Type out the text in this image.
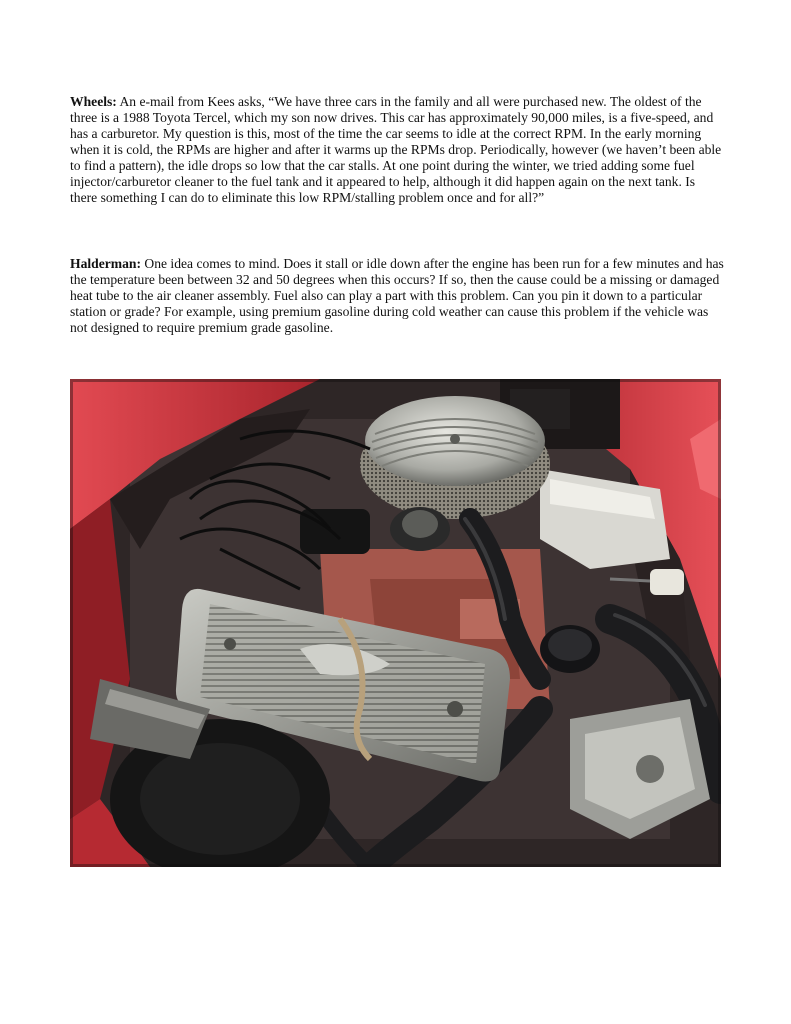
Wheels: An e-mail from Kees asks, “We have three cars in the family and all were purchased new. The oldest of the three is a 1988 Toyota Tercel, which my son now drives. This car has approximately 90,000 miles, is a five-speed, and has a carburetor. My question is this, most of the time the car seems to idle at the correct RPM. In the early morning when it is cold, the RPMs are higher and after it warms up the RPMs drop. Periodically, however (we haven’t been able to find a pattern), the idle drops so low that the car stalls. At one point during the winter, we tried adding some fuel injector/carburetor cleaner to the fuel tank and it appeared to help, although it did happen again on the next tank. Is there something I can do to eliminate this low RPM/stalling problem once and for all?”

Halderman: One idea comes to mind. Does it stall or idle down after the engine has been run for a few minutes and has the temperature been between 32 and 50 degrees when this occurs? If so, then the cause could be a missing or damaged heat tube to the air cleaner assembly. Fuel also can play a part with this problem. Can you pin it down to a particular station or grade? For example, using premium gasoline during cold weather can cause this problem if the vehicle was not designed to require premium grade gasoline.
